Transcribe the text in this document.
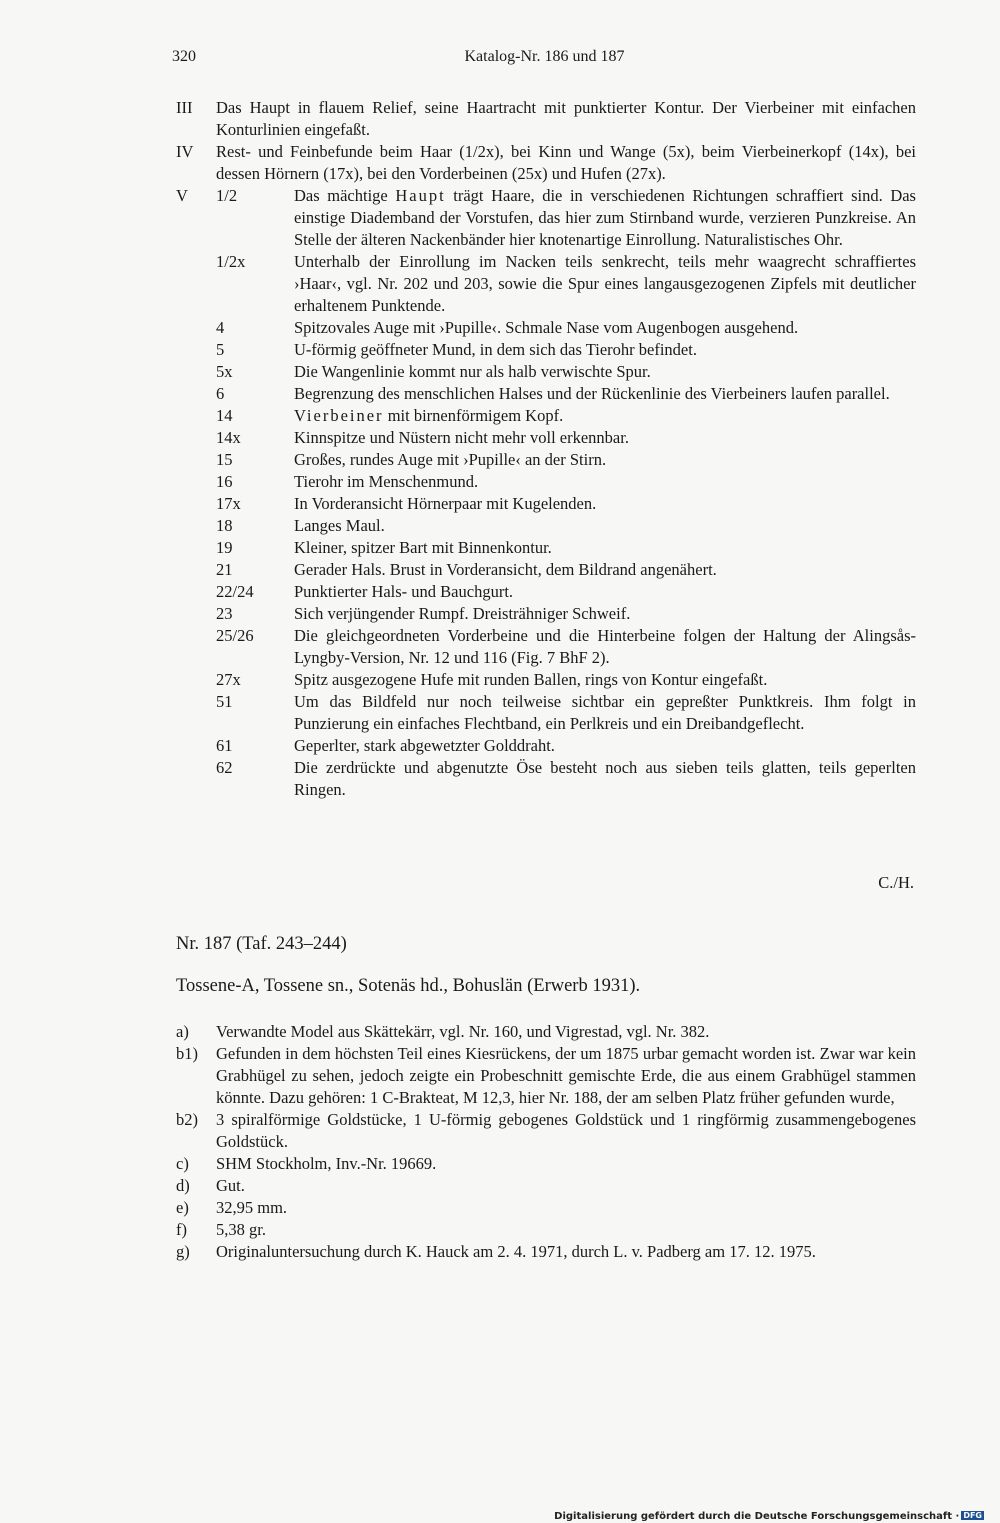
320	Katalog-Nr. 186 und 187
III Das Haupt in flauem Relief, seine Haartracht mit punktierter Kontur. Der Vierbeiner mit einfachen Konturlinien eingefaßt.
IV Rest- und Feinbefunde beim Haar (1/2x), bei Kinn und Wange (5x), beim Vierbeinerkopf (14x), bei dessen Hörnern (17x), bei den Vorderbeinen (25x) und Hufen (27x).
V 1/2	Das mächtige Haupt trägt Haare, die in verschiedenen Richtungen schraffiert sind. Das einstige Diademband der Vorstufen, das hier zum Stirnband wurde, verzieren Punzkreise. An Stelle der älteren Nackenbänder hier knotenartige Einrollung. Naturalistisches Ohr.
1/2x	Unterhalb der Einrollung im Nacken teils senkrecht, teils mehr waagrecht schraffiertes ›Haar‹, vgl. Nr. 202 und 203, sowie die Spur eines langausgezogenen Zipfels mit deutlicher erhaltenem Punktende.
4	Spitzovales Auge mit ›Pupille‹. Schmale Nase vom Augenbogen ausgehend.
5	U-förmig geöffneter Mund, in dem sich das Tierohr befindet.
5x	Die Wangenlinie kommt nur als halb verwischte Spur.
6	Begrenzung des menschlichen Halses und der Rückenlinie des Vierbeiners laufen parallel.
14	Vierbeiner mit birnenförmigem Kopf.
14x	Kinnspitze und Nüstern nicht mehr voll erkennbar.
15	Großes, rundes Auge mit ›Pupille‹ an der Stirn.
16	Tierohr im Menschenmund.
17x	In Vorderansicht Hörnerpaar mit Kugelenden.
18	Langes Maul.
19	Kleiner, spitzer Bart mit Binnenkontur.
21	Gerader Hals. Brust in Vorderansicht, dem Bildrand angenähert.
22/24 Punktierter Hals- und Bauchgurt.
23	Sich verjüngender Rumpf. Dreisträhniger Schweif.
25/26 Die gleichgeordneten Vorderbeine und die Hinterbeine folgen der Haltung der Alingsås-Lyngby-Version, Nr. 12 und 116 (Fig. 7 BhF 2).
27x	Spitz ausgezogene Hufe mit runden Ballen, rings von Kontur eingefaßt.
51	Um das Bildfeld nur noch teilweise sichtbar ein gepreßter Punktkreis. Ihm folgt in Punzierung ein einfaches Flechtband, ein Perlkreis und ein Dreibandgeflecht.
61	Geperlter, stark abgewetzter Golddraht.
62	Die zerdrückte und abgenutzte Öse besteht noch aus sieben teils glatten, teils geperlten Ringen.
C./H.
Nr. 187 (Taf. 243–244)
Tossene-A, Tossene sn., Sotenäs hd., Bohuslän (Erwerb 1931).
a) Verwandte Model aus Skättekärr, vgl. Nr. 160, und Vigrestad, vgl. Nr. 382.
b1) Gefunden in dem höchsten Teil eines Kiesrückens, der um 1875 urbar gemacht worden ist. Zwar war kein Grabhügel zu sehen, jedoch zeigte ein Probeschnitt gemischte Erde, die aus einem Grabhügel stammen könnte. Dazu gehören: 1 C-Brakteat, M 12,3, hier Nr. 188, der am selben Platz früher gefunden wurde,
b2) 3 spiralförmige Goldstücke, 1 U-förmig gebogenes Goldstück und 1 ringförmig zusammengebogenes Goldstück.
c) SHM Stockholm, Inv.-Nr. 19669.
d) Gut.
e) 32,95 mm.
f) 5,38 gr.
g) Originaluntersuchung durch K. Hauck am 2. 4. 1971, durch L. v. Padberg am 17. 12. 1975.
Digitalisierung gefördert durch die Deutsche Forschungsgemeinschaft · DFG
